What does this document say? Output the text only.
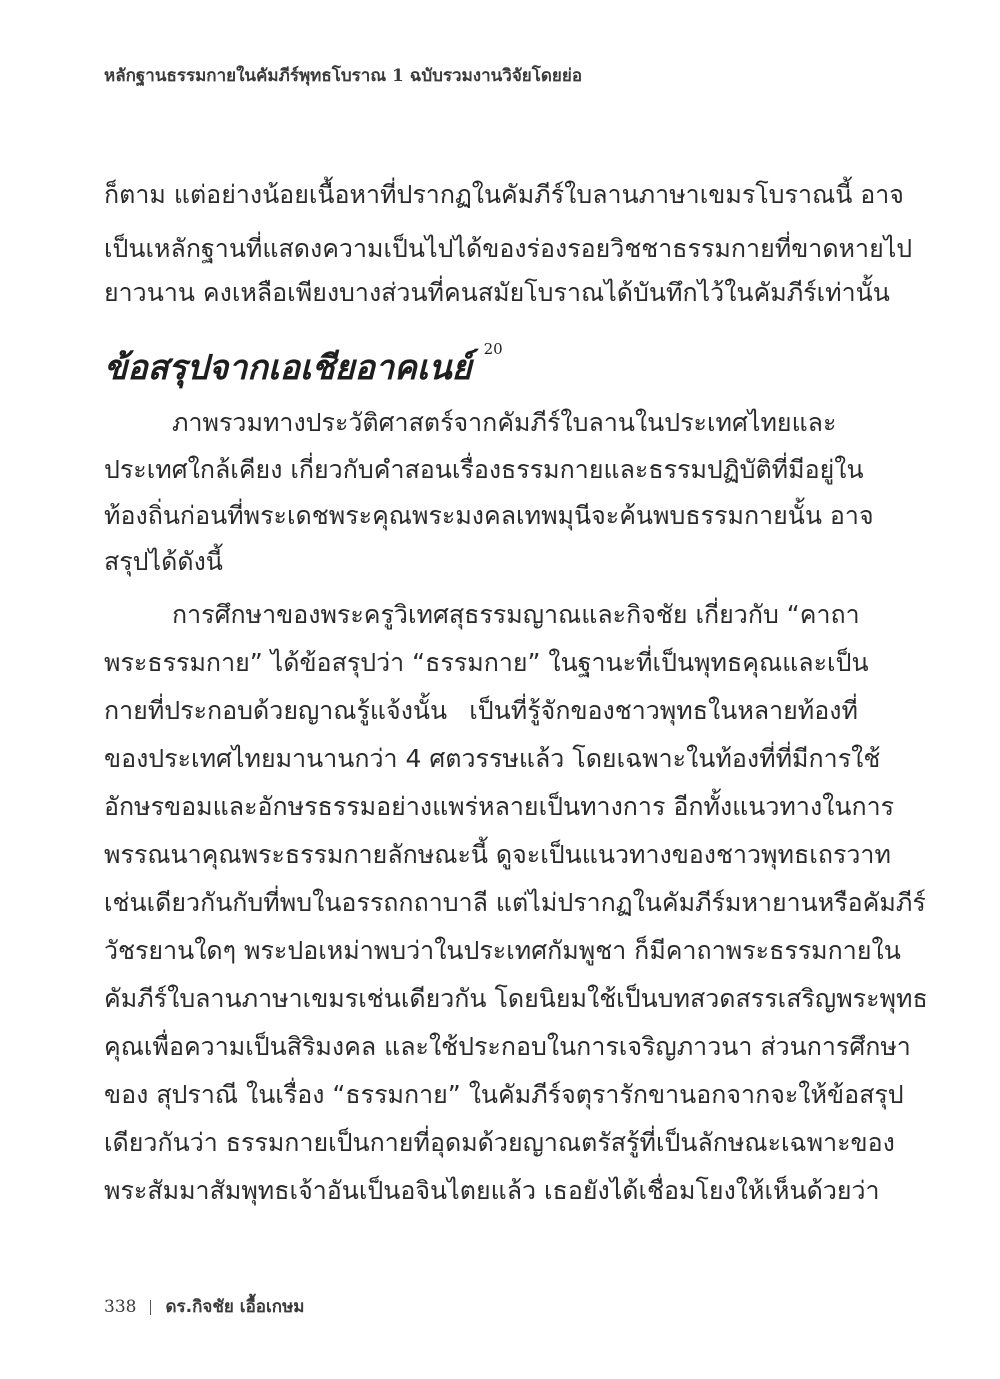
หลักฐานธรรมกายในคัมภีร์พุทธโบราณ 1 ฉบับรวมงานวิจัยโดยย่อ
ก็ตาม แต่อย่างน้อยเนื้อหาที่ปรากฏในคัมภีร์ใบลานภาษาเขมรโบราณนี้ อาจ
เป็นเหลักฐานที่แสดงความเป็นไปได้ของร่องรอยวิชชาธรรมกายที่ขาดหายไป
ยาวนาน คงเหลือเพียงบางส่วนที่คนสมัยโบราณได้บันทึกไว้ในคัมภีร์เท่านั้น
ข้อสรุปจากเอเชียอาคเนย์ $^{20}$
ภาพรวมทางประวัติศาสตร์จากคัมภีร์ใบลานในประเทศไทยและ
ประเทศใกล้เคียง เกี่ยวกับคำสอนเรื่องธรรมกายและธรรมปฏิบัติที่มีอยู่ใน
ท้องถิ่นก่อนที่พระเดชพระคุณพระมงคลเทพมุนีจะค้นพบธรรมกายนั้น อาจ
สรุปได้ดังนี้
การศึกษาของพระครูวิเทศสุธรรมญาณและกิจชัย เกี่ยวกับ “คาถา
พระธรรมกาย” ได้ข้อสรุปว่า “ธรรมกาย” ในฐานะที่เป็นพุทธคุณและเป็น
กายที่ประกอบด้วยญาณรู้แจ้งนั้น เป็นที่รู้จักของชาวพุทธในหลายท้องที่
ของประเทศไทยมานานกว่า 4 ศตวรรษแล้ว โดยเฉพาะในท้องที่ที่มีการใช้
อักษรขอมและอักษรธรรมอย่างแพร่หลายเป็นทางการ อีกทั้งแนวทางในการ
พรรณนาคุณพระธรรมกายลักษณะนี้ ดูจะเป็นแนวทางของชาวพุทธเถรวาท
เช่นเดียวกันกับที่พบในอรรถกถาบาลี แต่ไม่ปรากฏในคัมภีร์มหายานหรือคัมภีร์
วัชรยานใดๆ พระปอเหม่าพบว่าในประเทศกัมพูชา ก็มีคาถาพระธรรมกายใน
คัมภีร์ใบลานภาษาเขมรเช่นเดียวกัน โดยนิยมใช้เป็นบทสวดสรรเสริญพระพุทธ
คุณเพื่อความเป็นสิริมงคล และใช้ประกอบในการเจริญภาวนา ส่วนการศึกษา
ของ สุปราณี ในเรื่อง “ธรรมกาย” ในคัมภีร์จตุรารักขานอกจากจะให้ข้อสรุป
เดียวกันว่า ธรรมกายเป็นกายที่อุดมด้วยญาณตรัสรู้ที่เป็นลักษณะเฉพาะของ
พระสัมมาสัมพุทธเจ้าอันเป็นอจินไตยแล้ว เธอยังได้เชื่อมโยงให้เห็นด้วยว่า
338 ดร.กิจชัย เอื้อเกษม
